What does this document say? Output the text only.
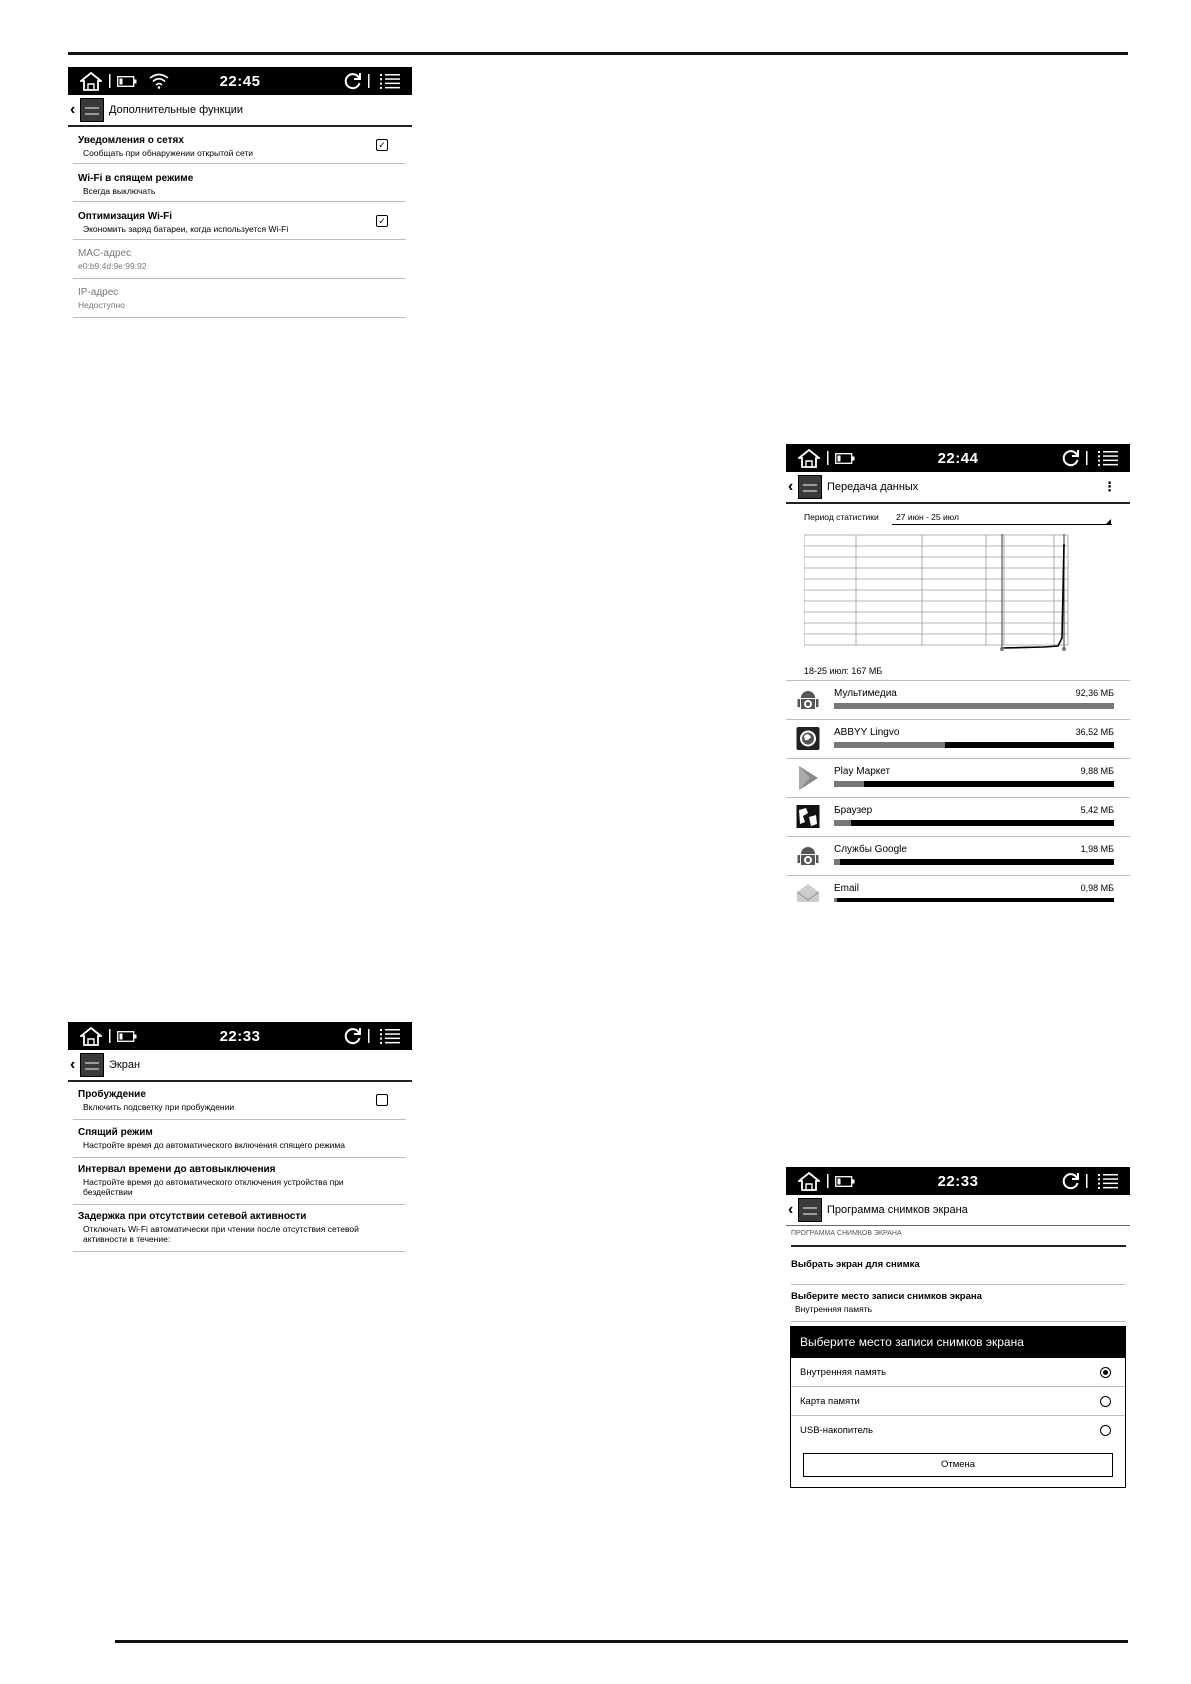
22:45
‹	Дополнительные функции
Уведомления о сетях
Сообщать при обнаружении открытой сети
✓
Wi-Fi в спящем режиме
Всегда выключать
Оптимизация Wi-Fi
Экономить заряд батареи, когда используется Wi-Fi
✓
MAC-адрес
e0:b9:4d:9e:99:92
IP-адрес
Недоступно
22:44
‹	Передача данных	⋮
Период статистики 27 июн - 25 июл
18-25 июл: 167 МБ
Мультимедиа	92,36 МБ
ABBYY Lingvo	36,52 МБ
Play Маркет	9,88 МБ
Браузер	5,42 МБ
Службы Google	1,98 МБ
Email	0,98 МБ
22:33
‹	Экран
Пробуждение
Включить подсветку при пробуждении
Спящий режим
Настройте время до автоматического включения спящего режима
Интервал времени до автовыключения
Настройте время до автоматического отключения устройства при бездействии
Задержка при отсутствии сетевой активности
Отключать Wi-Fi автоматически при чтении после отсутствия сетевой активности в течение:
22:33
‹	Программа снимков экрана
ПРОГРАММА СНИМКОВ ЭКРАНА
Выбрать экран для снимка
Выберите место записи снимков экрана
Внутренняя память
Выберите место записи снимков экрана
Внутренняя память
Карта памяти
USB-накопитель
Отмена
